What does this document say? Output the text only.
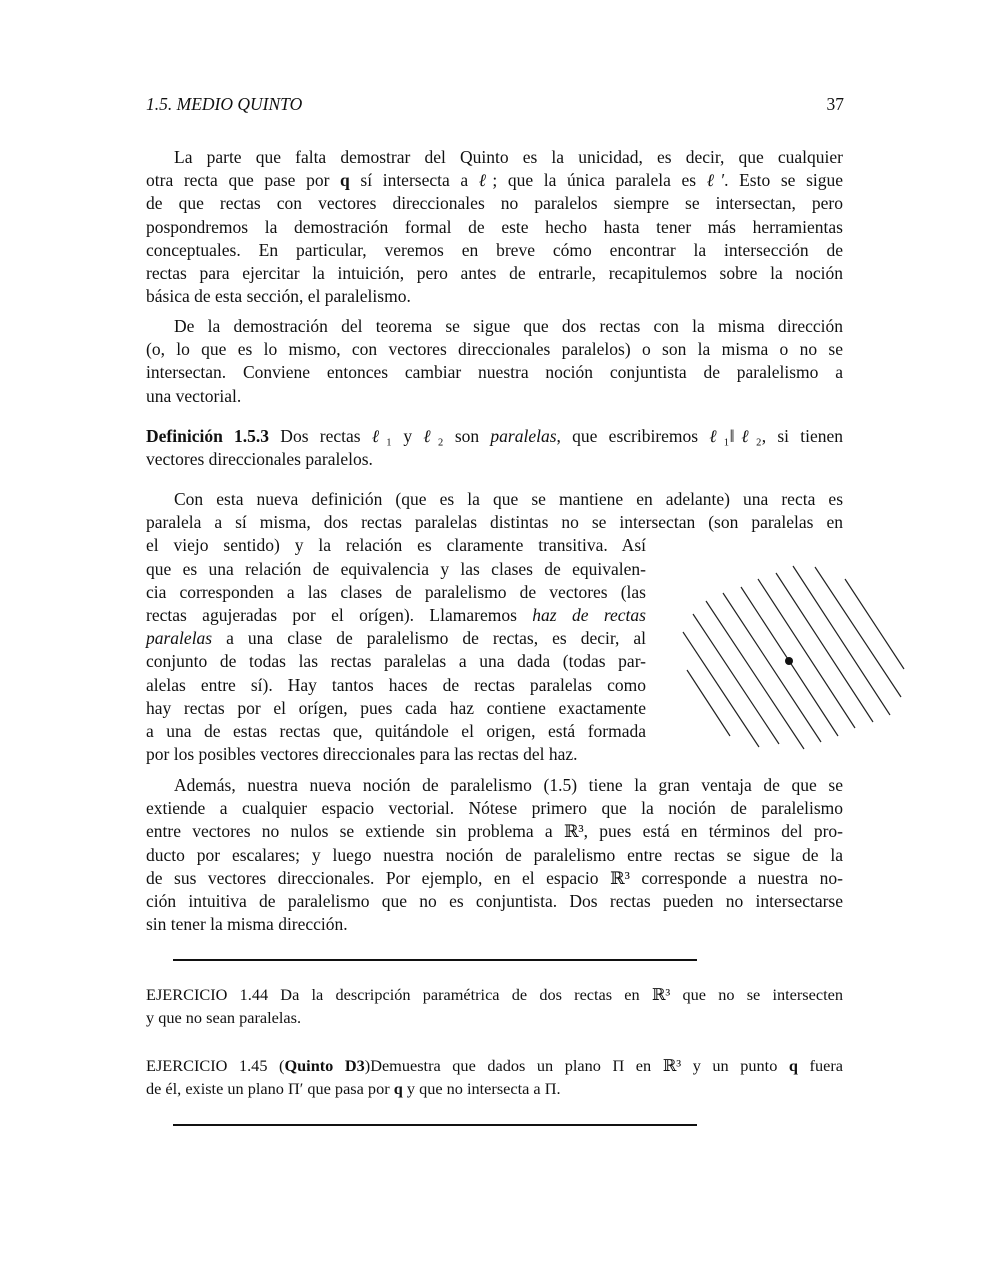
1.5. MEDIO QUINTO	37
La parte que falta demostrar del Quinto es la unicidad, es decir, que cualquier
otra recta que pase por q sí intersecta a ℓ; que la única paralela es ℓ′. Esto se sigue
de que rectas con vectores direccionales no paralelos siempre se intersectan, pero
pospondremos la demostración formal de este hecho hasta tener más herramientas
conceptuales. En particular, veremos en breve cómo encontrar la intersección de
rectas para ejercitar la intuición, pero antes de entrarle, recapitulemos sobre la noción
básica de esta sección, el paralelismo.
De la demostración del teorema se sigue que dos rectas con la misma dirección
(o, lo que es lo mismo, con vectores direccionales paralelos) o son la misma o no se
intersectan. Conviene entonces cambiar nuestra noción conjuntista de paralelismo a
una vectorial.
Definición 1.5.3 Dos rectas ℓ₁ y ℓ₂ son paralelas, que escribiremos ℓ₁‖ℓ₂, si tienen
vectores direccionales paralelos.
Con esta nueva definición (que es la que se mantiene en adelante) una recta es
paralela a sí misma, dos rectas paralelas distintas no se intersectan (son paralelas en
el viejo sentido) y la relación es claramente transitiva. Así
que es una relación de equivalencia y las clases de equivalen-
cia corresponden a las clases de paralelismo de vectores (las
rectas agujeradas por el orígen). Llamaremos haz de rectas
paralelas a una clase de paralelismo de rectas, es decir, al
conjunto de todas las rectas paralelas a una dada (todas par-
alelas entre sí). Hay tantos haces de rectas paralelas como
hay rectas por el orígen, pues cada haz contiene exactamente
a una de estas rectas que, quitándole el origen, está formada
por los posibles vectores direccionales para las rectas del haz.
Además, nuestra nueva noción de paralelismo (1.5) tiene la gran ventaja de que se
extiende a cualquier espacio vectorial. Nótese primero que la noción de paralelismo
entre vectores no nulos se extiende sin problema a ℝ³, pues está en términos del pro-
ducto por escalares; y luego nuestra noción de paralelismo entre rectas se sigue de la
de sus vectores direccionales. Por ejemplo, en el espacio ℝ³ corresponde a nuestra no-
ción intuitiva de paralelismo que no es conjuntista. Dos rectas pueden no intersectarse
sin tener la misma dirección.
EJERCICIO 1.44 Da la descripción paramétrica de dos rectas en ℝ³ que no se intersecten
y que no sean paralelas.
EJERCICIO 1.45 (Quinto D3)Demuestra que dados un plano Π en ℝ³ y un punto q fuera
de él, existe un plano Π′ que pasa por q y que no intersecta a Π.
